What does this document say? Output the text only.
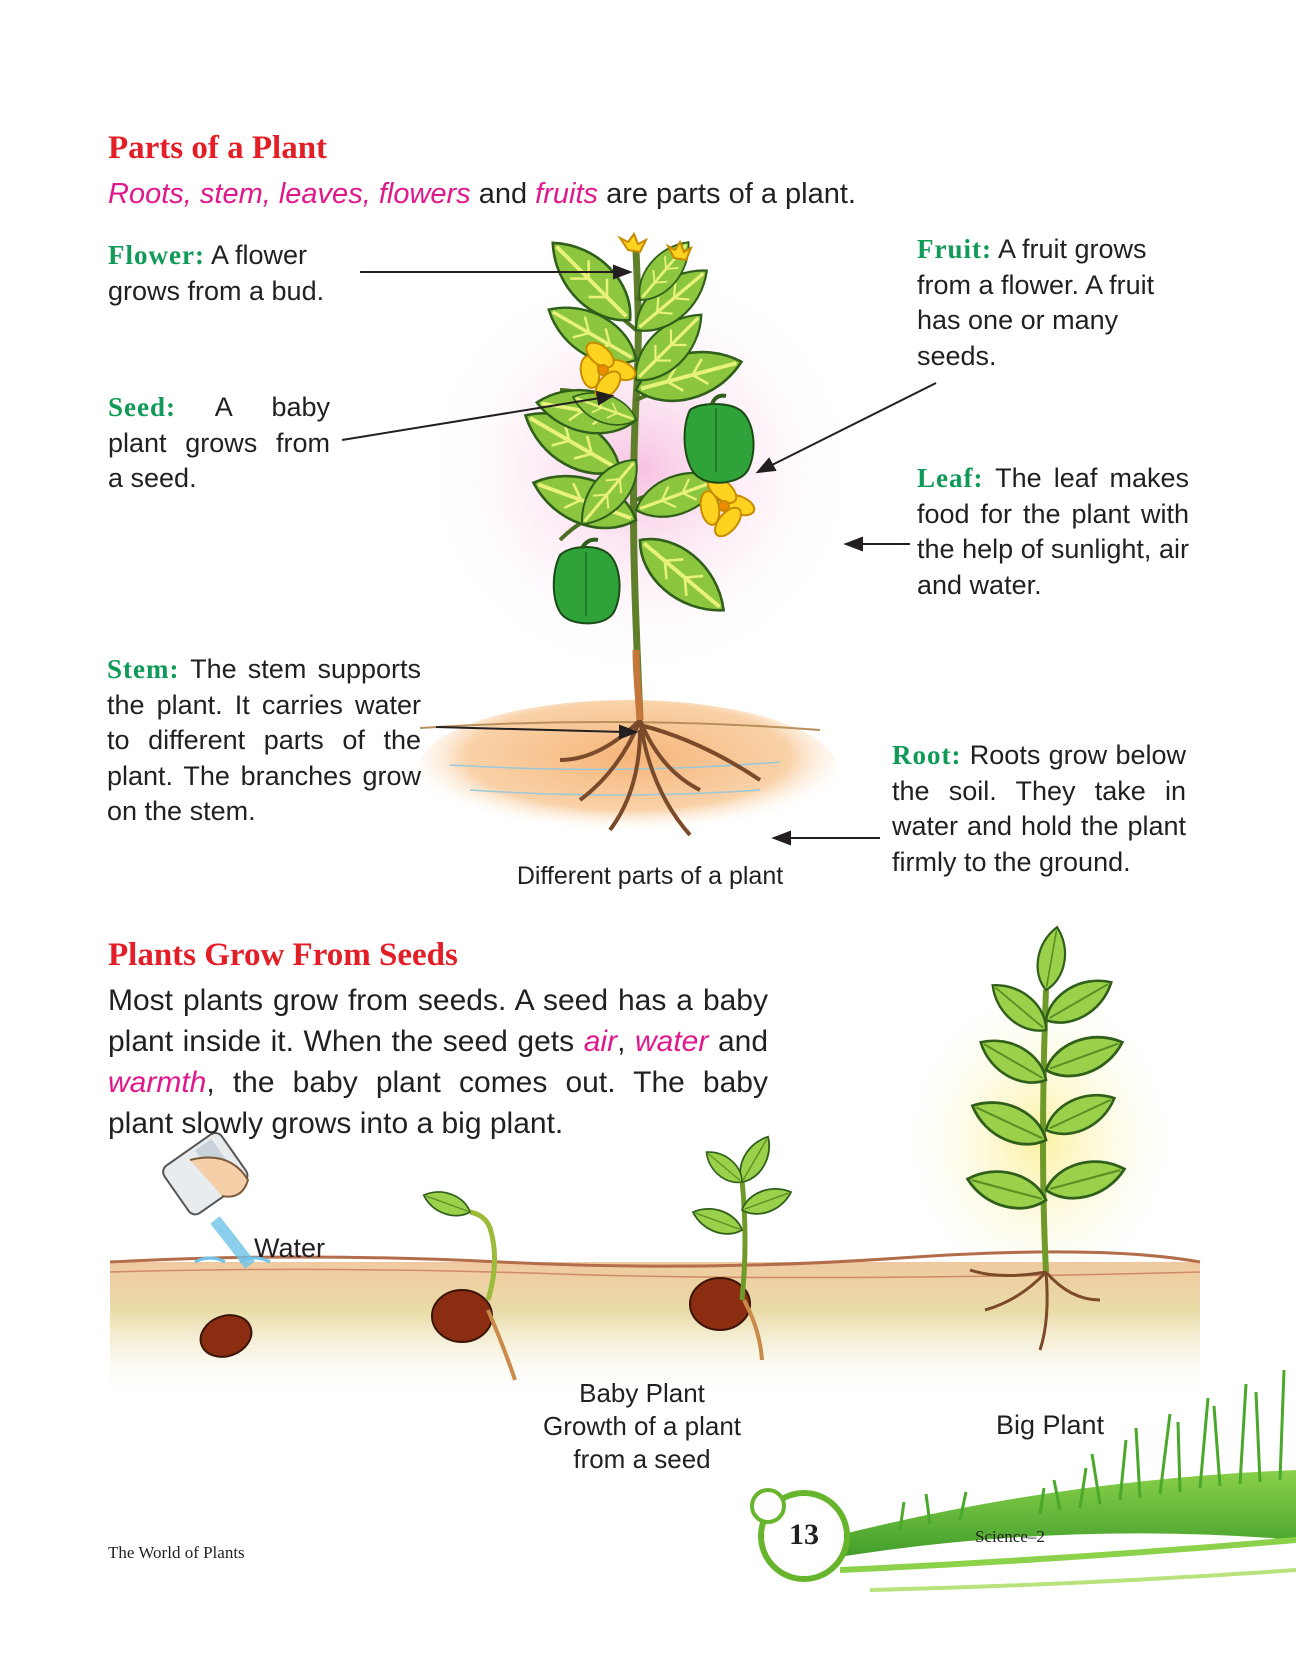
Parts of a Plant
Roots, stem, leaves, flowers and fruits are parts of a plant.
Flower: A flower grows from a bud.
Seed: A baby plant grows from a seed.
Stem: The stem supports the plant. It carries water to different parts of the plant. The branches grow on the stem.
Fruit: A fruit grows from a flower. A fruit has one or many seeds.
Leaf: The leaf makes food for the plant with the help of sunlight, air and water.
Root: Roots grow below the soil. They take in water and hold the plant firmly to the ground.
Different parts of a plant
Plants Grow From Seeds
Most plants grow from seeds. A seed has a baby plant inside it. When the seed gets air, water and warmth, the baby plant comes out. The baby plant slowly grows into a big plant.
Water
Baby Plant
Growth of a plant
from a seed
Big Plant
The World of Plants
13	Science–2
